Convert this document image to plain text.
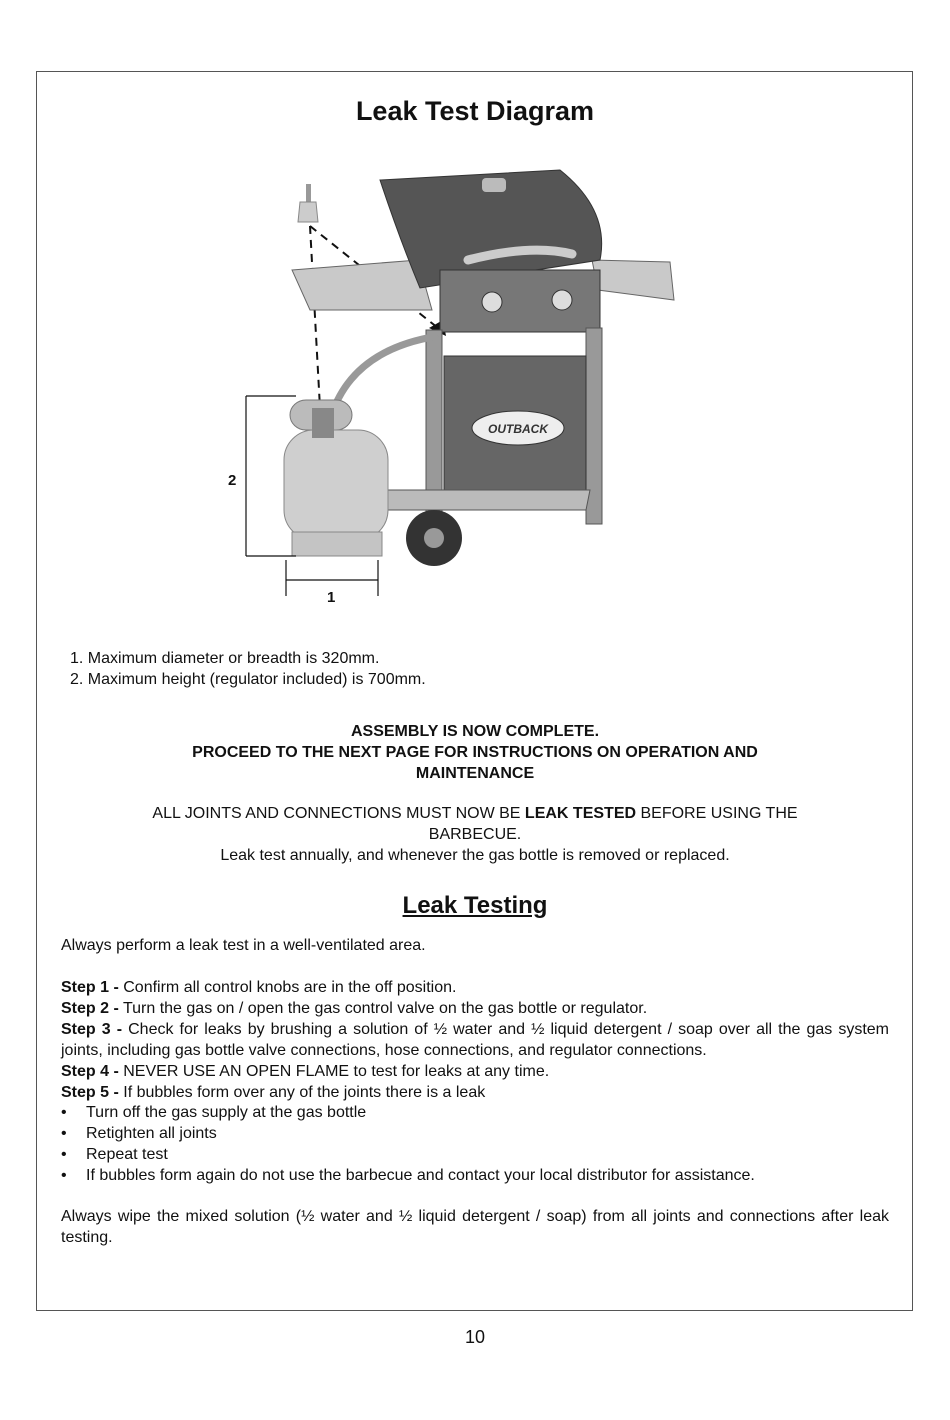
Leak Test Diagram
OUTBACK
2
1
1. Maximum diameter or breadth is 320mm.
2. Maximum height (regulator included) is 700mm.
ASSEMBLY IS NOW COMPLETE.
PROCEED TO THE NEXT PAGE FOR INSTRUCTIONS ON OPERATION AND
MAINTENANCE
ALL JOINTS AND CONNECTIONS MUST NOW BE LEAK TESTED BEFORE USING THE
BARBECUE.
Leak test annually, and whenever the gas bottle is removed or replaced.
Leak Testing
Always perform a leak test in a well-ventilated area.
Step 1 - Confirm all control knobs are in the off position.
Step 2 - Turn the gas on / open the gas control valve on the gas bottle or regulator.
Step 3 - Check for leaks by brushing a solution of ½ water and ½ liquid detergent / soap over all the gas system joints, including gas bottle valve connections, hose connections, and regulator connections.
Step 4 - NEVER USE AN OPEN FLAME to test for leaks at any time.
Step 5 - If bubbles form over any of the joints there is a leak
• Turn off the gas supply at the gas bottle
• Retighten all joints
• Repeat test
• If bubbles form again do not use the barbecue and contact your local distributor for assistance.
Always wipe the mixed solution (½ water and ½ liquid detergent / soap) from all joints and connections after leak testing.
10
